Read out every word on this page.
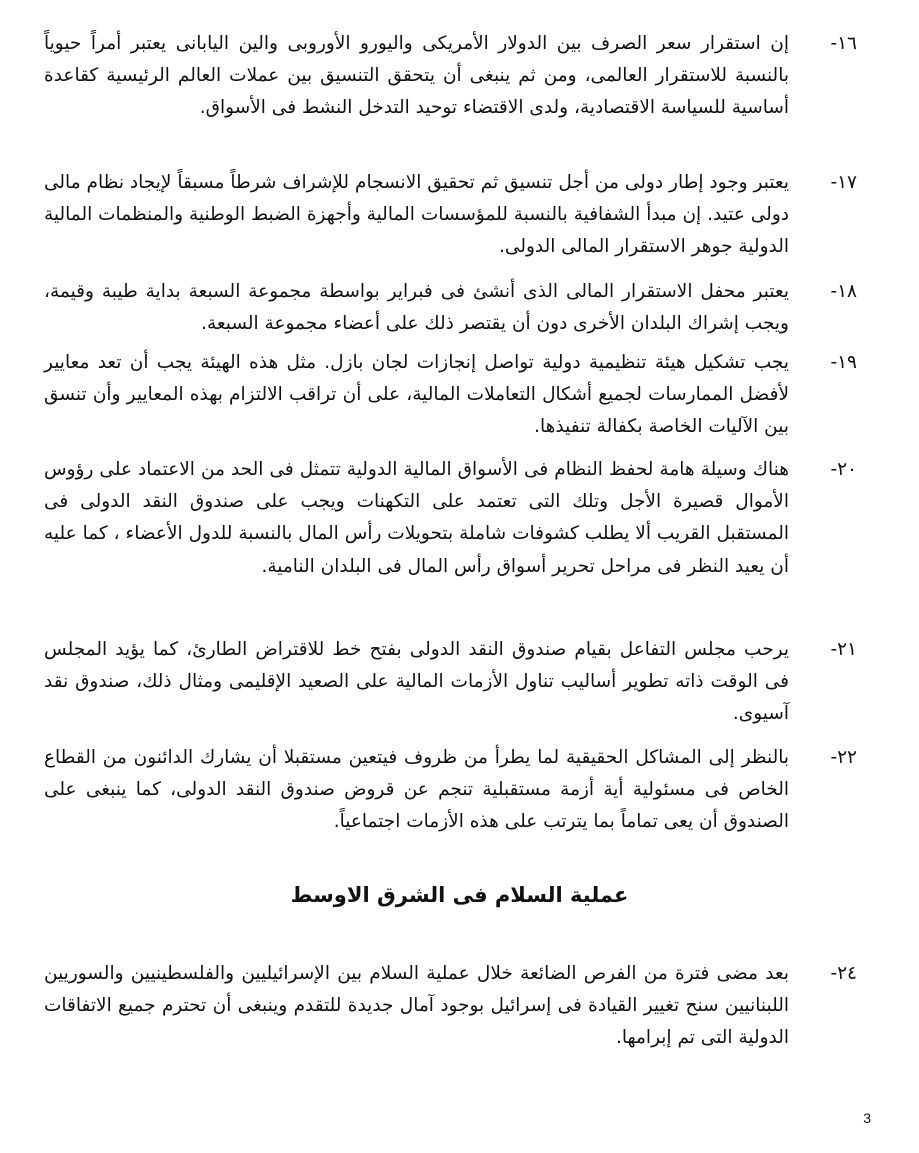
١٦-
إن استقرار سعر الصرف بين الدولار الأمريكى واليورو الأوروبى والين اليابانى يعتبر أمراً حيوياً بالنسبة للاستقرار العالمى، ومن ثم ينبغى أن يتحقق التنسيق بين عملات العالم الرئيسية كقاعدة أساسية للسياسة الاقتصادية، ولدى الاقتضاء توحيد التدخل النشط فى الأسواق.
١٧-
يعتبر وجود إطار دولى من أجل تنسيق ثم تحقيق الانسجام للإشراف شرطاً مسبقاً لإيجاد نظام مالى دولى عتيد. إن مبدأ الشفافية بالنسبة للمؤسسات المالية وأجهزة الضبط الوطنية والمنظمات المالية الدولية جوهر الاستقرار المالى الدولى.
١٨-
يعتبر محفل الاستقرار المالى الذى أنشئ فى فبراير بواسطة مجموعة السبعة بداية طيبة وقيمة، ويجب إشراك البلدان الأخرى دون أن يقتصر ذلك على أعضاء مجموعة السبعة.
١٩-
يجب تشكيل هيئة تنظيمية دولية تواصل إنجازات لجان بازل. مثل هذه الهيئة يجب أن تعد معايير لأفضل الممارسات لجميع أشكال التعاملات المالية، على أن تراقب الالتزام بهذه المعايير وأن تنسق بين الآليات الخاصة بكفالة تنفيذها.
٢٠-
هناك وسيلة هامة لحفظ النظام فى الأسواق المالية الدولية تتمثل فى الحد من الاعتماد على رؤوس الأموال قصيرة الأجل وتلك التى تعتمد على التكهنات ويجب على صندوق النقد الدولى فى المستقبل القريب ألا يطلب كشوفات شاملة بتحويلات رأس المال بالنسبة للدول الأعضاء ، كما عليه أن يعيد النظر فى مراحل تحرير أسواق رأس المال فى البلدان النامية.
٢١-
يرحب مجلس التفاعل بقيام صندوق النقد الدولى بفتح خط للاقتراض الطارئ، كما يؤيد المجلس فى الوقت ذاته تطوير أساليب تناول الأزمات المالية على الصعيد الإقليمى ومثال ذلك، صندوق نقد آسيوى.
٢٢-
بالنظر إلى المشاكل الحقيقية لما يطرأ من ظروف فيتعين مستقبلا أن يشارك الدائنون من القطاع الخاص فى مسئولية أية أزمة مستقبلية تنجم عن قروض صندوق النقد الدولى، كما ينبغى على الصندوق أن يعى تماماً بما يترتب على هذه الأزمات اجتماعياً.
عملية السلام فى الشرق الاوسط
٢٤-
بعد مضى فترة من الفرص الضائعة خلال عملية السلام بين الإسرائيليين والفلسطينيين والسوريين اللبنانيين سنح تغيير القيادة فى إسرائيل بوجود آمال جديدة للتقدم وينبغى أن تحترم جميع الاتفاقات الدولية التى تم إبرامها.
3
